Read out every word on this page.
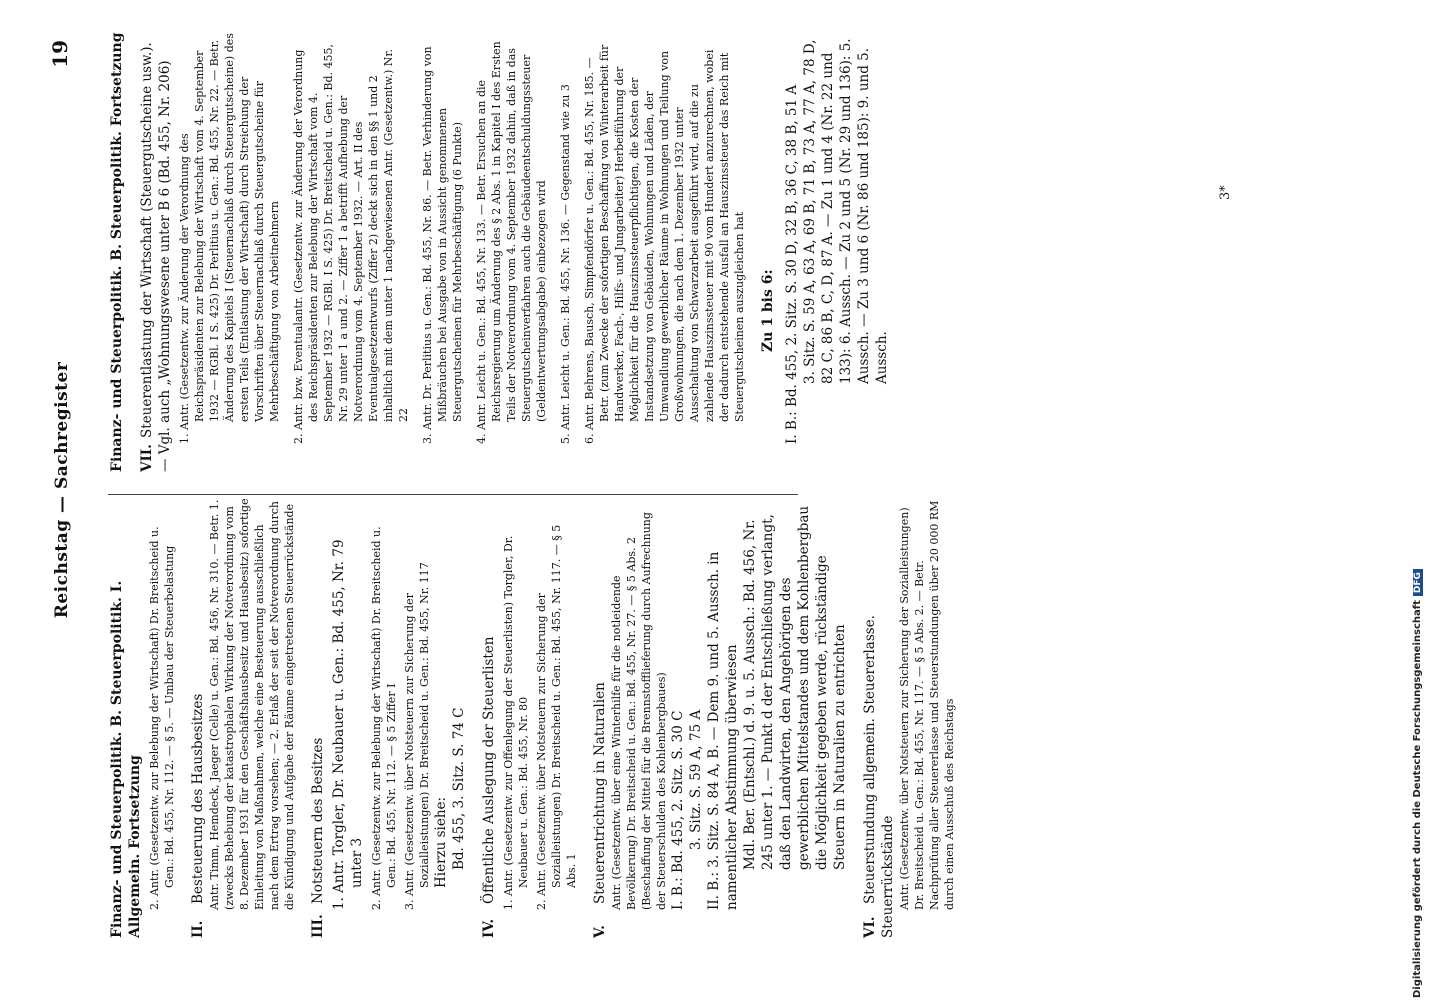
Reichstag — Sachregister
19
Finanz- und Steuerpolitik. B. Steuerpolitik. I. Allgemein. Fortsetzung 2. Antr. (Gesetzentw. zur Belebung der Wirtschaft) Dr. Breitscheid u. Gen.: Bd. 455, Nr. 112. — § 5. — Umbau der Steuerbelastung
II.Besteuerung des Hausbesitzes Antr. Timm, Hemdeck, Jaeger (Celle) u. Gen.: Bd. 456, Nr. 310. — Betr. 1. (zwecks Behebung der katastrophalen Wirkung der Notverordnung vom 8. Dezember 1931 für den Geschäftshausbesitz und Hausbesitz) sofortige Einleitung von Maßnahmen, welche eine Besteuerung ausschließlich nach dem Ertrag vorsehen; — 2. Erlaß der seit der Notverordnung durch die Kündigung und Aufgabe der Räume eingetretenen Steuerrückstände
III.Notsteuern des Besitzes 1. Antr. Torgler, Dr. Neubauer u. Gen.: Bd. 455, Nr. 79 unter 3 2. Antr. (Gesetzentw. zur Belebung der Wirtschaft) Dr. Breitscheid u. Gen.: Bd. 455, Nr. 112. — § 5 Ziffer I 3. Antr. (Gesetzentw. über Notsteuern zur Sicherung der Sozialleistungen) Dr. Breitscheid u. Gen.: Bd. 455, Nr. 117 Hierzu siehe: Bd. 455, 3. Sitz. S. 74 C
IV.Öffentliche Auslegung der Steuerlisten 1. Antr. (Gesetzentw. zur Offenlegung der Steuerlisten) Torgler, Dr. Neubauer u. Gen.: Bd. 455, Nr. 80 2. Antr. (Gesetzentw. über Notsteuern zur Sicherung der Sozialleistungen) Dr. Breitscheid u. Gen.: Bd. 455, Nr. 117. — § 5 Abs. 1
V.Steuerentrichtung in Naturalien Antr. (Gesetzentw. über eine Winterhilfe für die notleidende Bevölkerung) Dr. Breitscheid u. Gen.: Bd. 455, Nr. 27. — § 5 Abs. 2 (Beschaffung der Mittel für die Brennstofflieferung durch Aufrechnung der Steuerschulden des Kohlenbergbaues) I. B.: Bd. 455, 2. Sitz. S. 30 C 3. Sitz. S. 59 A, 75 A II. B.: 3. Sitz. S. 84 A, B. — Dem 9. und 5. Aussch. in namentlicher Abstimmung überwiesen Mdl. Ber. (Entschl.) d. 9. u. 5. Aussch.: Bd. 456, Nr. 245 unter 1. — Punkt d der Entschließung verlangt, daß den Landwirten, den Angehörigen des gewerblichen Mittelstandes und dem Kohlenbergbau die Möglichkeit gegeben werde, rückständige Steuern in Naturalien zu entrichten
VI.Steuerstundung allgemein. Steuererlasse. Steuerrückstände Antr. (Gesetzentw. über Notsteuern zur Sicherung der Sozialleistungen) Dr. Breitscheid u. Gen.: Bd. 455, Nr. 117. — § 5 Abs. 2. — Betr. Nachprüfung aller Steuererlasse und Steuerstundungen über 20 000 RM durch einen Ausschuß des Reichstags
Finanz- und Steuerpolitik. B. Steuerpolitik. Fortsetzung VII.Steuerentlastung der Wirtschaft (Steuergutscheine usw.). — Vgl. auch „Wohnungswesene unter B 6 (Bd. 455, Nr. 206) 1. Antr. (Gesetzentw. zur Änderung der Verordnung des Reichspräsidenten zur Belebung der Wirtschaft vom 4. September 1932 — RGBl. I S. 425) Dr. Perlitius u. Gen.: Bd. 455, Nr. 22. — Betr. Änderung des Kapitels I (Steuernachlaß durch Steuergutscheine) des ersten Teils (Entlastung der Wirtschaft) durch Streichung der Vorschriften über Steuernachlaß durch Steuergutscheine für Mehrbeschäftigung von Arbeitnehmern 2. Antr. bzw. Eventualantr. (Gesetzentw. zur Änderung der Verordnung des Reichspräsidenten zur Belebung der Wirtschaft vom 4. September 1932 — RGBl. I S. 425) Dr. Breitscheid u. Gen.: Bd. 455, Nr. 29 unter 1 a und 2. — Ziffer 1 a betrifft Aufhebung der Notverordnung vom 4. September 1932. — Art. II des Eventualgesetzentwurfs (Ziffer 2) deckt sich in den §§ 1 und 2 inhaltlich mit dem unter 1 nachgewiesenen Antr. (Gesetzentw.) Nr. 22 3. Antr. Dr. Perlitius u. Gen.: Bd. 455, Nr. 86. — Betr. Verhinderung von Mißbräuchen bei Ausgabe von in Aussicht genommenen Steuergutscheinen für Mehrbeschäftigung (6 Punkte) 4. Antr. Leicht u. Gen.: Bd. 455, Nr. 133. — Betr. Ersuchen an die Reichsregierung um Änderung des § 2 Abs. 1 in Kapitel I des Ersten Teils der Notverordnung vom 4. September 1932 dahin, daß in das Steuergutscheinverfahren auch die Gebäudeentschuldungssteuer (Geldentwertungsabgabe) einbezogen wird 5. Antr. Leicht u. Gen.: Bd. 455, Nr. 136. — Gegenstand wie zu 3 6. Antr. Behrens, Bausch, Simpfendörfer u. Gen.: Bd. 455, Nr. 185. — Betr. (zum Zwecke der sofortigen Beschaffung von Winterarbeit für Handwerker, Fach-, Hilfs- und Jungarbeiter) Herbeiführung der Möglichkeit für die Hauszinssteuerpflichtigen, die Kosten der Instandsetzung von Gebäuden, Wohnungen und Läden, der Umwandlung gewerblicher Räume in Wohnungen und Teilung von Großwohnungen, die nach dem 1. Dezember 1932 unter Ausschaltung von Schwarzarbeit ausgeführt wird, auf die zu zahlende Hauszinssteuer mit 90 vom Hundert anzurechnen, wobei der dadurch entstehende Ausfall an Hauszinssteuer das Reich mit Steuergutscheinen auszugleichen hat Zu 1 bis 6: I. B.: Bd. 455, 2. Sitz. S. 30 D, 32 B, 36 C, 38 B, 51 A 3. Sitz. S. 59 A, 63 A, 69 B, 71 B, 73 A, 77 A, 78 D, 82 C, 86 B, C, D, 87 A. — Zu 1 und 4 (Nr. 22 und 133): 6. Aussch. — Zu 2 und 5 (Nr. 29 und 136): 5. Aussch. — Zu 3 und 6 (Nr. 86 und 185): 9. und 5. Aussch.
3*
Digitalisierung gefördert durch die Deutsche ForschungsgemeinschaftDFG
